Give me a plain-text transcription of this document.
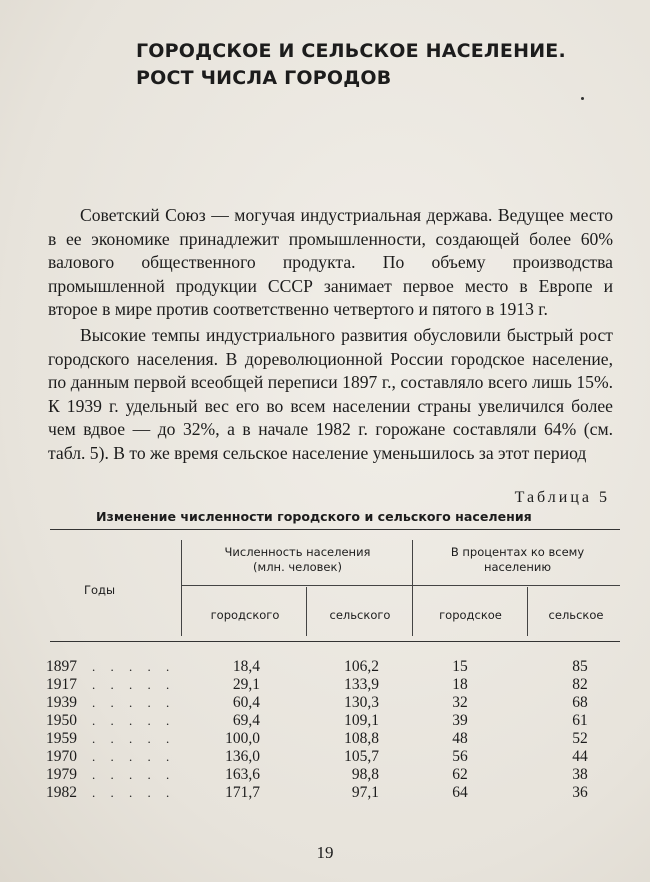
ГОРОДСКОЕ И СЕЛЬСКОЕ НАСЕЛЕНИЕ.
РОСТ ЧИСЛА ГОРОДОВ
Советский Союз — могучая индустриальная держава. Ведущее место в ее экономике принадлежит промышленности, создающей более 60% валового общественного продукта. По объему производства промышленной продукции СССР занимает первое место в Европе и второе в мире против соответственно четвертого и пятого в 1913 г.
Высокие темпы индустриального развития обусловили быстрый рост городского населения. В дореволюционной России городское население, по данным первой всеобщей переписи 1897 г., составляло всего лишь 15%. К 1939 г. удельный вес его во всем населении страны увеличился более чем вдвое — до 32%, а в начале 1982 г. горожане составляли 64% (см. табл. 5). В то же время сельское население уменьшилось за этот период
Таблица 5
Изменение численности городского и сельского населения
Годы
Численность населения
(млн. человек)
В процентах ко всему
населению
городского	сельского	городское	сельское
1897 . . . . .	18,4	106,2	15	85
1917 . . . . .	29,1	133,9	18	82
1939 . . . . .	60,4	130,3	32	68
1950 . . . . .	69,4	109,1	39	61
1959 . . . . .	100,0	108,8	48	52
1970 . . . . .	136,0	105,7	56	44
1979 . . . . .	163,6	98,8	62	38
1982 . . . . .	171,7	97,1	64	36
19
